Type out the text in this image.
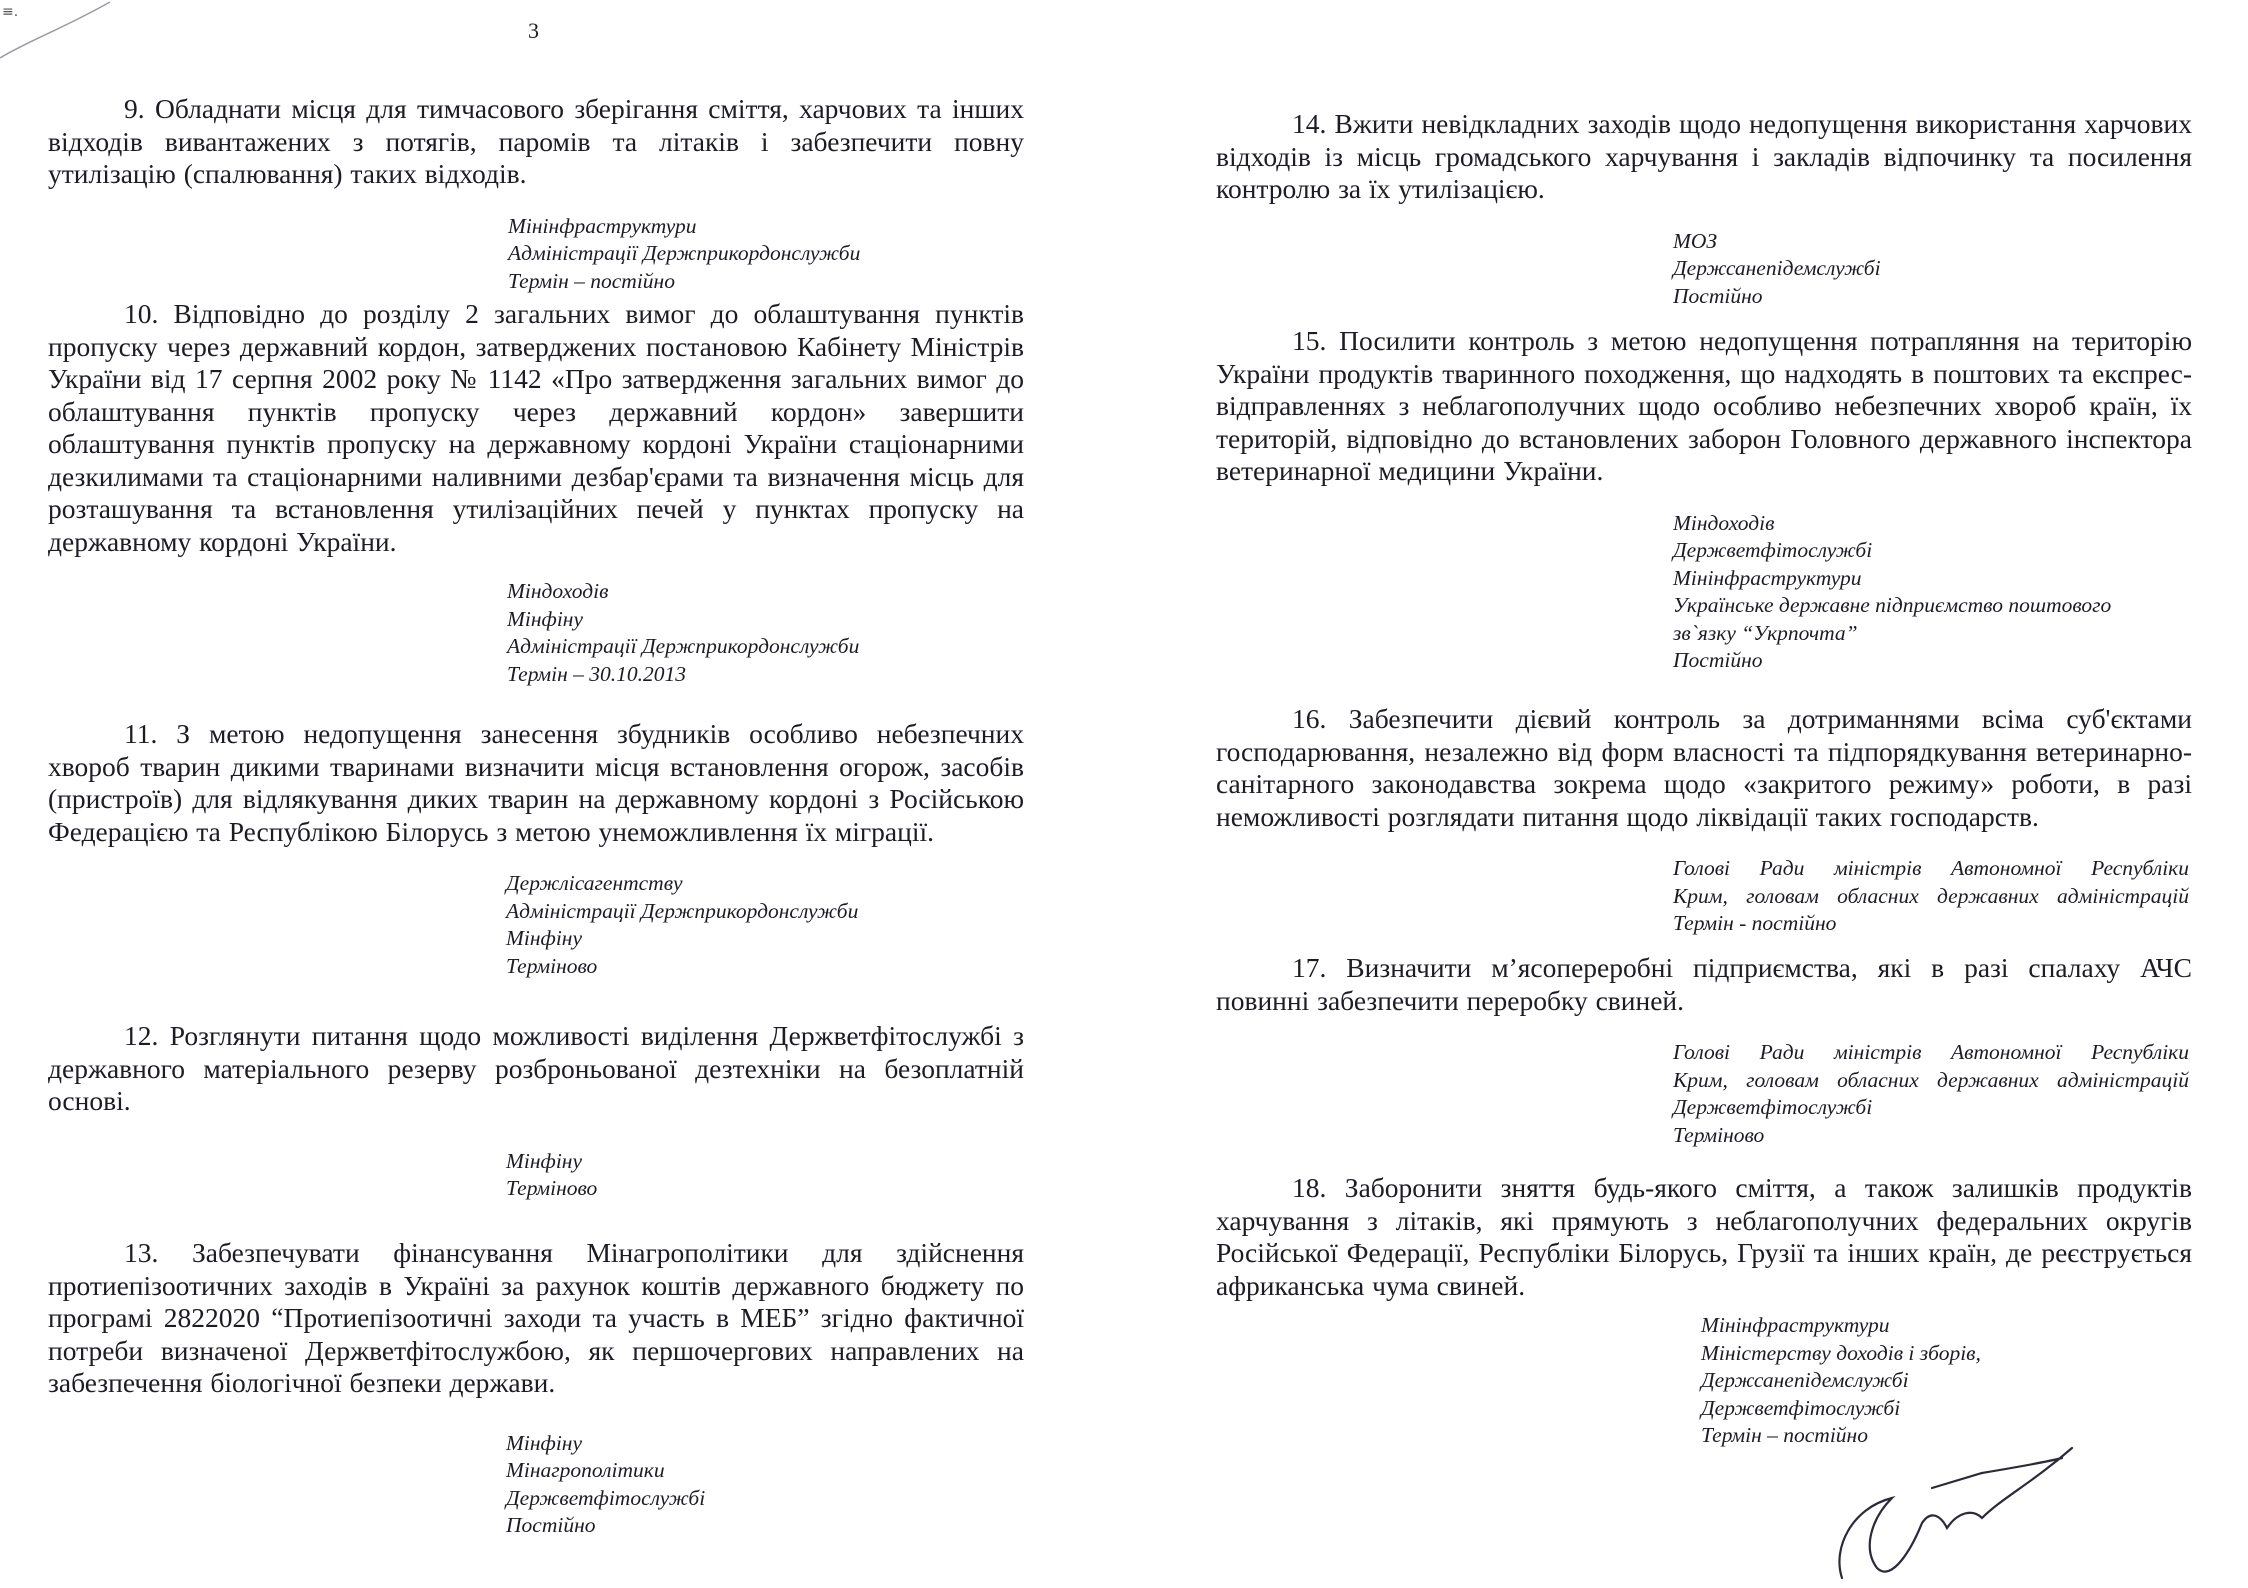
≡.
3

9. Обладнати місця для тимчасового зберігання сміття, харчових та інших відходів вивантажених з потягів, паромів та літаків і забезпечити повну утилізацію (спалювання) таких відходів.

Мінінфраструктури
Адміністрації Держприкордонслужби
Термін – постійно

10. Відповідно до розділу 2 загальних вимог до облаштування пунктів пропуску через державний кордон, затверджених постановою Кабінету Міністрів України від 17 серпня 2002 року № 1142 «Про затвердження загальних вимог до облаштування пунктів пропуску через державний кордон» завершити облаштування пунктів пропуску на державному кордоні України стаціонарними дезкилимами та стаціонарними наливними дезбар'єрами та визначення місць для розташування та встановлення утилізаційних печей у пунктах пропуску на державному кордоні України.

Міндоходів
Мінфіну
Адміністрації Держприкордонслужби
Термін – 30.10.2013

11. З метою недопущення занесення збудників особливо небезпечних хвороб тварин дикими тваринами визначити місця встановлення огорож, засобів (пристроїв) для відлякування диких тварин на державному кордоні з Російською Федерацією та Республікою Білорусь з метою унеможливлення їх міграції.

Держлісагентству
Адміністрації Держприкордонслужби
Мінфіну
Терміново

12. Розглянути питання щодо можливості виділення Держветфітослужбі з державного матеріального резерву розброньованої дезтехніки на безоплатній основі.

Мінфіну
Терміново

13. Забезпечувати фінансування Мінагрополітики для здійснення протиепізоотичних заходів в Україні за рахунок коштів державного бюджету по програмі 2822020 “Протиепізоотичні заходи та участь в МЕБ” згідно фактичної потреби визначеної Держветфітослужбою, як першочергових направлених на забезпечення біологічної безпеки держави.

Мінфіну
Мінагрополітики
Держветфітослужбі
Постійно

14. Вжити невідкладних заходів щодо недопущення використання харчових відходів із місць громадського харчування і закладів відпочинку та посилення контролю за їх утилізацією.

МОЗ
Держсанепідемслужбі
Постійно

15. Посилити контроль з метою недопущення потрапляння на територію України продуктів тваринного походження, що надходять в поштових та експрес-відправленнях з неблагополучних щодо особливо небезпечних хвороб країн, їх територій, відповідно до встановлених заборон Головного державного інспектора ветеринарної медицини України.

Міндоходів
Держветфітослужбі
Мінінфраструктури
Українське державне підприємство поштового
зв`язку “Укрпочта”
Постійно

16. Забезпечити дієвий контроль за дотриманнями всіма суб'єктами господарювання, незалежно від форм власності та підпорядкування ветеринарно-санітарного законодавства зокрема щодо «закритого режиму» роботи, в разі неможливості розглядати питання щодо ліквідації таких господарств.

Голові Ради міністрів Автономної Республіки
Крим, головам обласних державних адміністрацій
Термін - постійно

17. Визначити м’ясопереробні підприємства, які в разі спалаху АЧС повинні забезпечити переробку свиней.

Голові Ради міністрів Автономної Республіки
Крим, головам обласних державних адміністрацій
Держветфітослужбі
Терміново

18. Заборонити зняття будь-якого сміття, а також залишків продуктів харчування з літаків, які прямують з неблагополучних федеральних округів Російської Федерації, Республіки Білорусь, Грузії та інших країн, де реєструється африканська чума свиней.

Мінінфраструктури
Міністерству доходів і зборів,
Держсанепідемслужбі
Держветфітослужбі
Термін – постійно
